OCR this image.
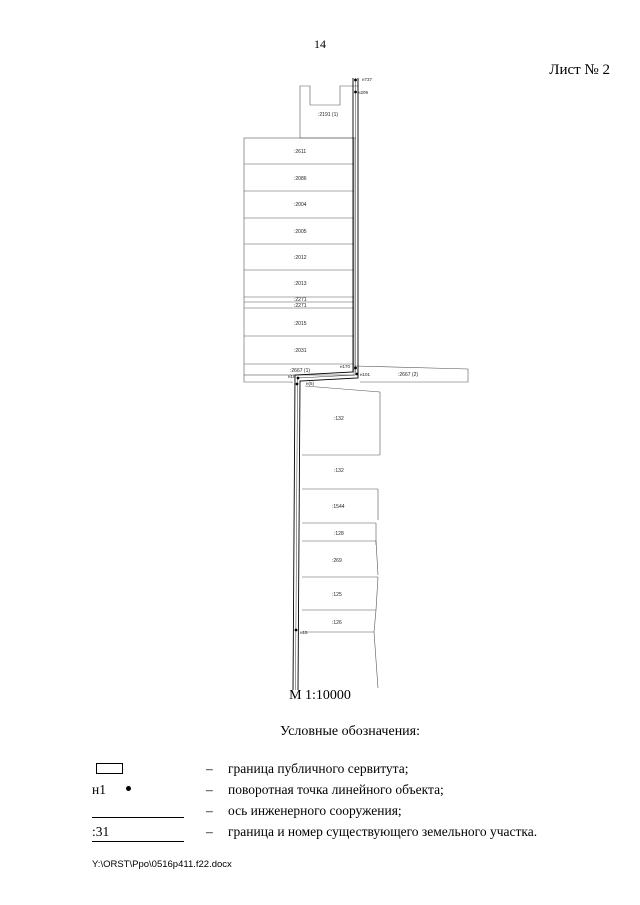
14
Лист № 2
:2191 (1)
:2611
:2086
:2004
:2005
:2012
:2013
:2271
:2271
:2015
:2031
:2667 (1)
:2667 (2)
:132
:132
:1544
:128
:269
:125
:126
н737
н209
н170
н101
н18
н(5)
н15
М 1:10000
Условные обозначения:
– граница публичного сервитута;
н1	– поворотная точка линейного объекта;
– ось инженерного сооружения;
:31	– граница и номер существующего земельного участка.
Y:\ORST\Ppo\0516p411.f22.docx
